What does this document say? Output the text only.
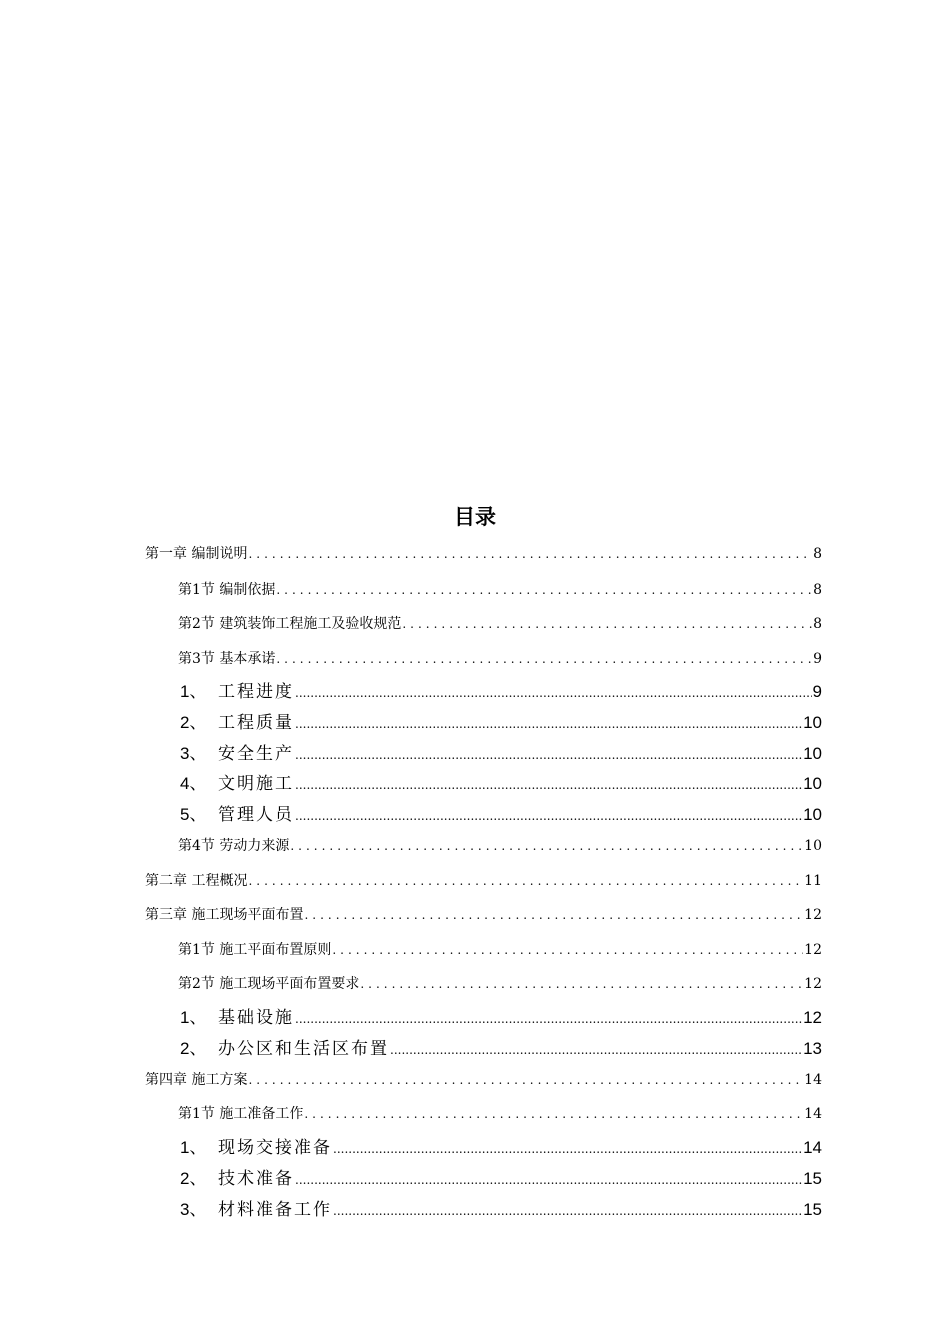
目录
第一章 编制说明 .....	8
第1节 编制依据 .....	8
第2节 建筑装饰工程施工及验收规范 .....	8
第3节 基本承诺 .....	9
1、 工程进度 .....	9
2、 工程质量 .....	10
3、 安全生产 .....	10
4、 文明施工 .....	10
5、 管理人员 .....	10
第4节 劳动力来源 .....	10
第二章 工程概况 .....	11
第三章 施工现场平面布置 .....	12
第1节 施工平面布置原则 .....	12
第2节 施工现场平面布置要求 .....	12
1、 基础设施 .....	12
2、 办公区和生活区布置 .....	13
第四章 施工方案 .....	14
第1节 施工准备工作 .....	14
1、 现场交接准备 .....	14
2、 技术准备 .....	15
3、 材料准备工作 .....	15
